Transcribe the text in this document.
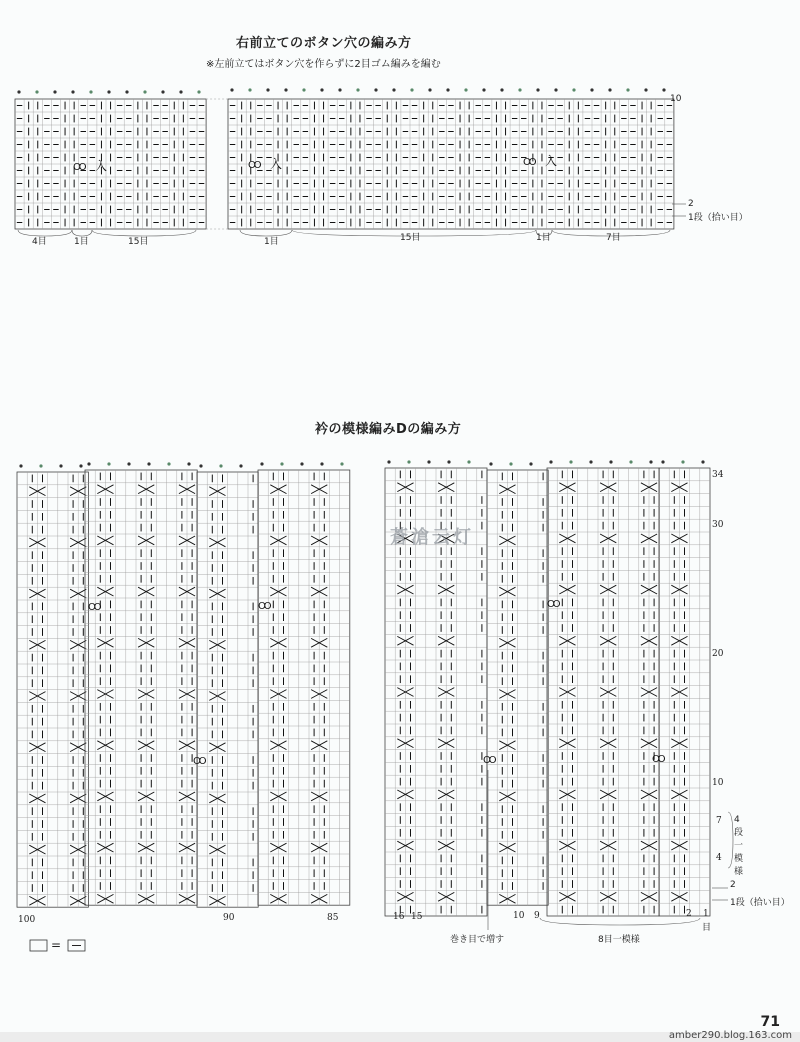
右前立てのボタン穴の編み方
※左前立てはボタン穴を作らずに2目ゴム編みを編む
衿の模様編みDの編み方
Ꝏ 入	Ꝏ 入	Ꝏ 入
Ꝏ	Ꝏ
Ꝏ	Ꝏ
Ꝏ
Ꝏ
10
2
1段（拾い目）
4目	1目	15目	1目	15目	1目	7目
34
30
20
10
7
4
4段一模様
2
1段（拾い目）
100	90	85	16 15	10 9	2 1
目
巻き目で増す	8目一模様
=
蒼滄云灯
71
amber290.blog.163.com
